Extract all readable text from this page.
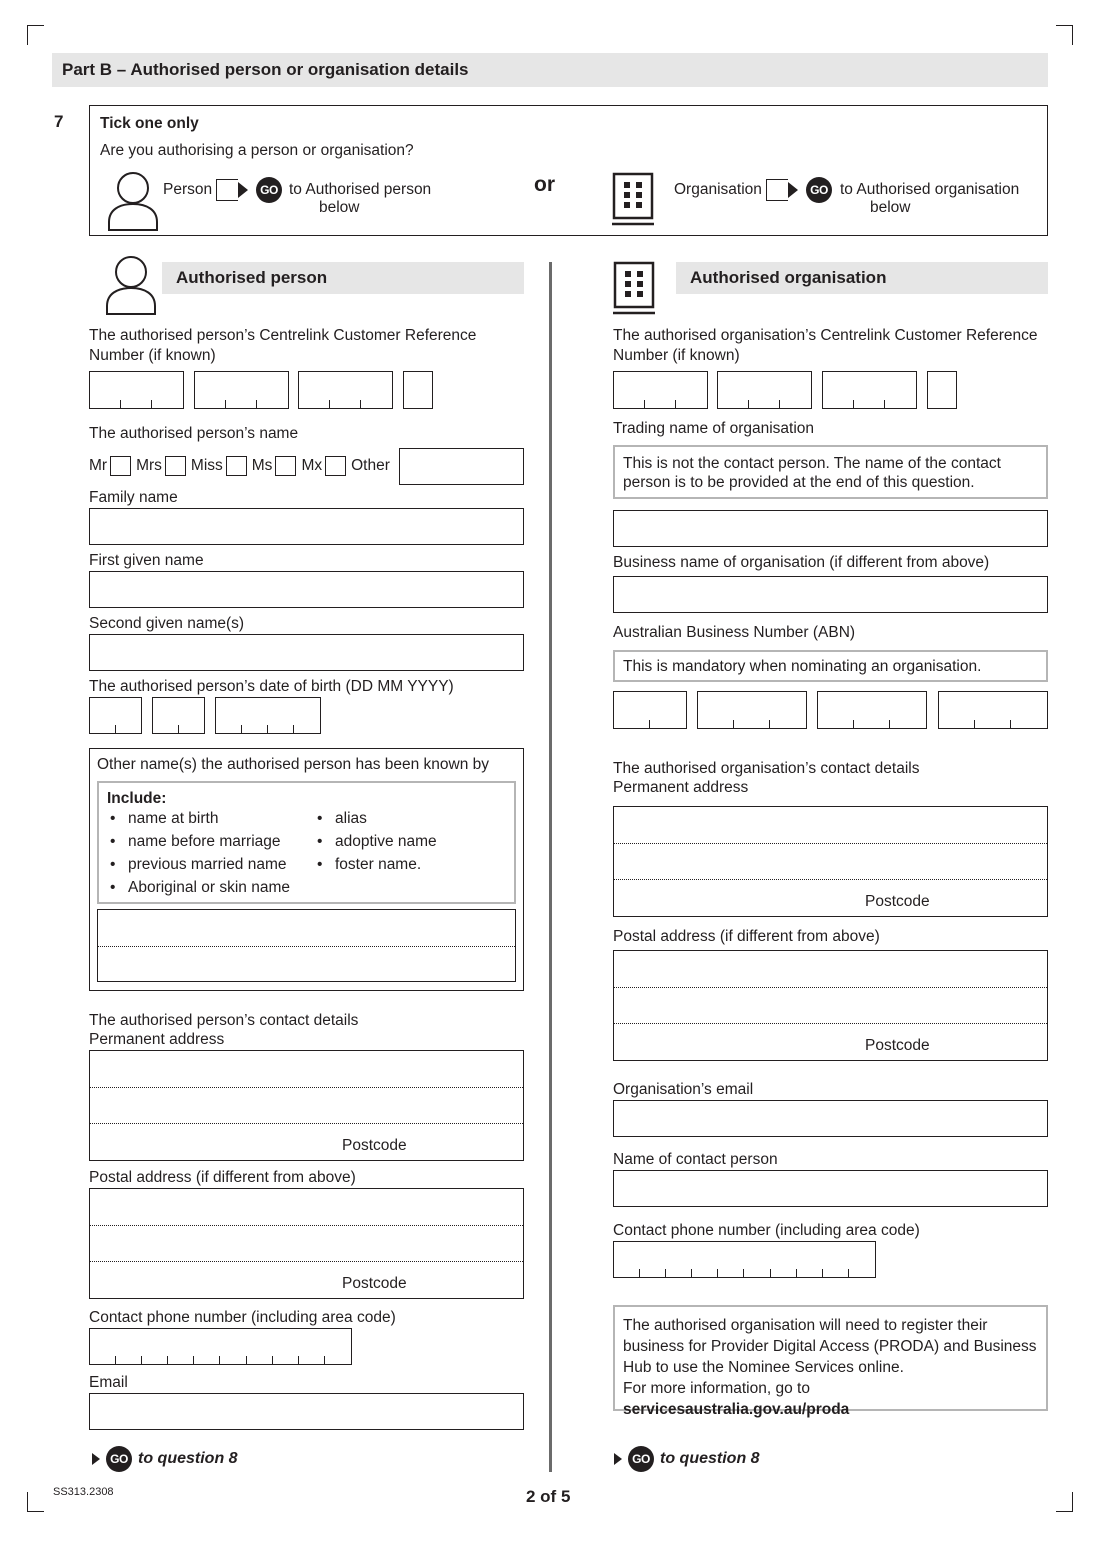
Part B – Authorised person or organisation details
7 Tick one only
Are you authorising a person or organisation?
Person	GO to Authorised person
below
or	Organisation	GO to Authorised organisation
below
Authorised person
The authorised person’s Centrelink Customer Reference
Number (if known)
The authorised person’s name
Mr Mrs Miss Ms Mx Other
Family name
First given name
Second given name(s)
The authorised person’s date of birth (DD MM YYYY)
Other name(s) the authorised person has been known by
Include:
• name at birth
• name before marriage
• previous married name
• Aboriginal or skin name
• alias
• adoptive name
• foster name.
The authorised person’s contact details
Permanent address
Postcode
Postal address (if different from above)
Postcode
Contact phone number (including area code)
Email
GO to question 8
Authorised organisation
The authorised organisation’s Centrelink Customer Reference
Number (if known)
Trading name of organisation
This is not the contact person. The name of the contact person is to be provided at the end of this question.
Business name of organisation (if different from above)
Australian Business Number (ABN)
This is mandatory when nominating an organisation.
The authorised organisation’s contact details
Permanent address
Postcode
Postal address (if different from above)
Postcode
Organisation’s email
Name of contact person
Contact phone number (including area code)
The authorised organisation will need to register their business for Provider Digital Access (PRODA) and Business Hub to use the Nominee Services online.
For more information, go to servicesaustralia.gov.au/proda
GO to question 8
SS313.2308	2 of 5
